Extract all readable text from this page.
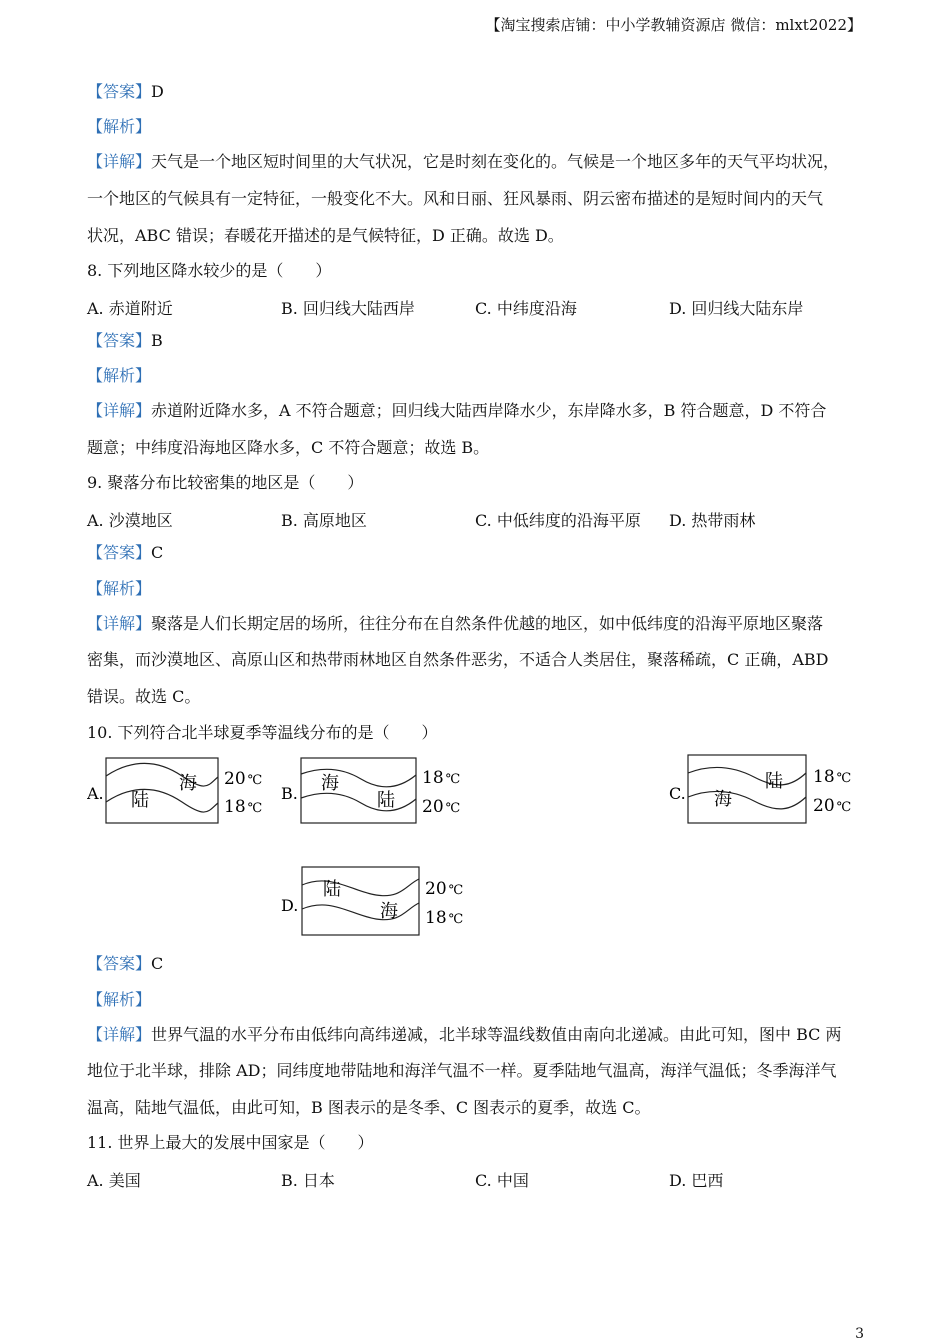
【淘宝搜索店铺：中小学教辅资源店 微信：mlxt2022】
【答案】D
【解析】
【详解】天气是一个地区短时间里的大气状况，它是时刻在变化的。气候是一个地区多年的天气平均状况，
一个地区的气候具有一定特征，一般变化不大。风和日丽、狂风暴雨、阴云密布描述的是短时间内的天气
状况，ABC 错误；春暖花开描述的是气候特征，D 正确。故选 D。
8. 下列地区降水较少的是（　　）
A. 赤道附近	B. 回归线大陆西岸	C. 中纬度沿海	D. 回归线大陆东岸
【答案】B
【解析】
【详解】赤道附近降水多，A 不符合题意；回归线大陆西岸降水少，东岸降水多，B 符合题意，D 不符合
题意；中纬度沿海地区降水多，C 不符合题意；故选 B。
9. 聚落分布比较密集的地区是（　　）
A. 沙漠地区	B. 高原地区	C. 中低纬度的沿海平原 D. 热带雨林
【答案】C
【解析】
【详解】聚落是人们长期定居的场所，往往分布在自然条件优越的地区，如中低纬度的沿海平原地区聚落
密集，而沙漠地区、高原山区和热带雨林地区自然条件恶劣，不适合人类居住，聚落稀疏，C 正确，ABD
错误。故选 C。
10. 下列符合北半球夏季等温线分布的是（　　）
A.	海
陆
20 ℃
18 ℃
B. 海
陆
18 ℃
20 ℃
C.
陆
海
18 ℃
20 ℃
D.
陆
海
20 ℃
18 ℃
【答案】C
【解析】
【详解】世界气温的水平分布由低纬向高纬递减，北半球等温线数值由南向北递减。由此可知，图中 BC 两
地位于北半球，排除 AD；同纬度地带陆地和海洋气温不一样。夏季陆地气温高，海洋气温低；冬季海洋气
温高，陆地气温低，由此可知，B 图表示的是冬季、C 图表示的夏季，故选 C。
11. 世界上最大的发展中国家是（　　）
A. 美国	B. 日本	C. 中国	D. 巴西
3
